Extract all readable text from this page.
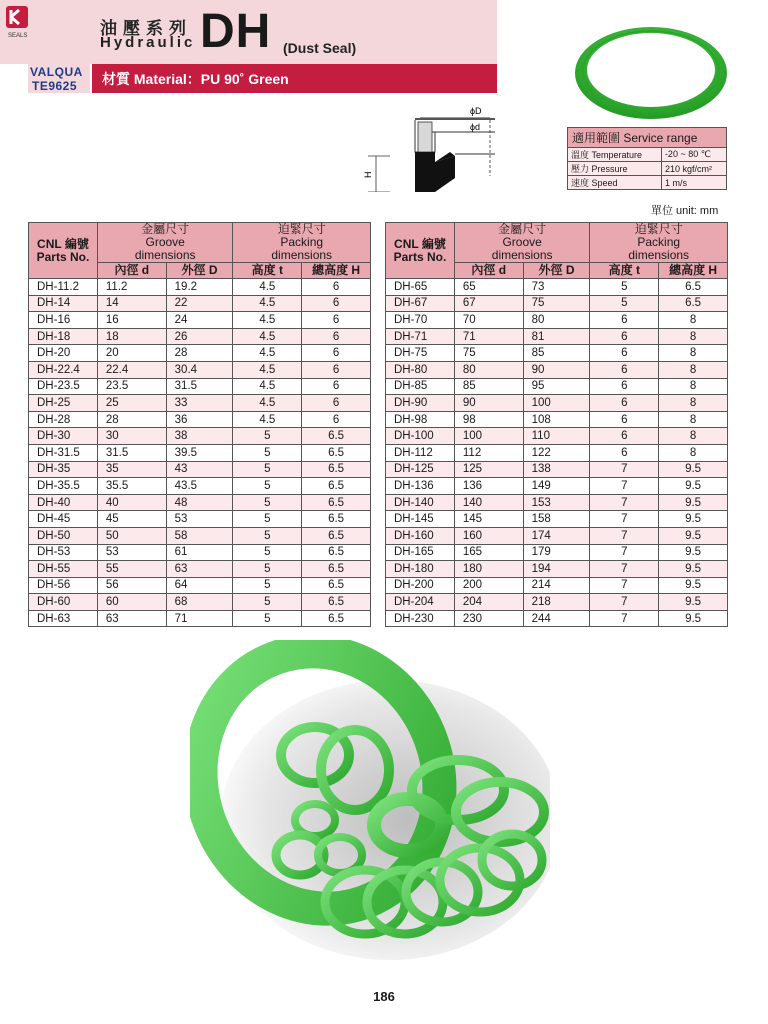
SEALS	油壓系列
Hydraulic DH (Dust Seal)
VALQUA
TE9625 材質 Material：PU 90˚ Green
ϕD
ϕd
H
適用範圍 Service range	
溫度 Temperature	-20 ~ 80 ℃
壓力 Pressure	210 kgf/cm²
速度 Speed	1 m/s
單位 unit: mm
CNL 編號
Parts No.	金屬尺寸
Groove
dimensions		迫緊尺寸
Packing
dimensions	
	內徑 d	外徑 D	高度 t	總高度 H
DH-11.2	11.2	19.2	4.5	6
DH-14	14	22	4.5	6
DH-16	16	24	4.5	6
DH-18	18	26	4.5	6
DH-20	20	28	4.5	6
DH-22.4	22.4	30.4	4.5	6
DH-23.5	23.5	31.5	4.5	6
DH-25	25	33	4.5	6
DH-28	28	36	4.5	6
DH-30	30	38	5	6.5
DH-31.5	31.5	39.5	5	6.5
DH-35	35	43	5	6.5
DH-35.5	35.5	43.5	5	6.5
DH-40	40	48	5	6.5
DH-45	45	53	5	6.5
DH-50	50	58	5	6.5
DH-53	53	61	5	6.5
DH-55	55	63	5	6.5
DH-56	56	64	5	6.5
DH-60	60	68	5	6.5
DH-63	63	71	5	6.5
CNL 編號
Parts No.	金屬尺寸
Groove
dimensions		迫緊尺寸
Packing
dimensions	
	內徑 d	外徑 D	高度 t	總高度 H
DH-65	65	73	5	6.5
DH-67	67	75	5	6.5
DH-70	70	80	6	8
DH-71	71	81	6	8
DH-75	75	85	6	8
DH-80	80	90	6	8
DH-85	85	95	6	8
DH-90	90	100	6	8
DH-98	98	108	6	8
DH-100	100	110	6	8
DH-112	112	122	6	8
DH-125	125	138	7	9.5
DH-136	136	149	7	9.5
DH-140	140	153	7	9.5
DH-145	145	158	7	9.5
DH-160	160	174	7	9.5
DH-165	165	179	7	9.5
DH-180	180	194	7	9.5
DH-200	200	214	7	9.5
DH-204	204	218	7	9.5
DH-230	230	244	7	9.5
186
